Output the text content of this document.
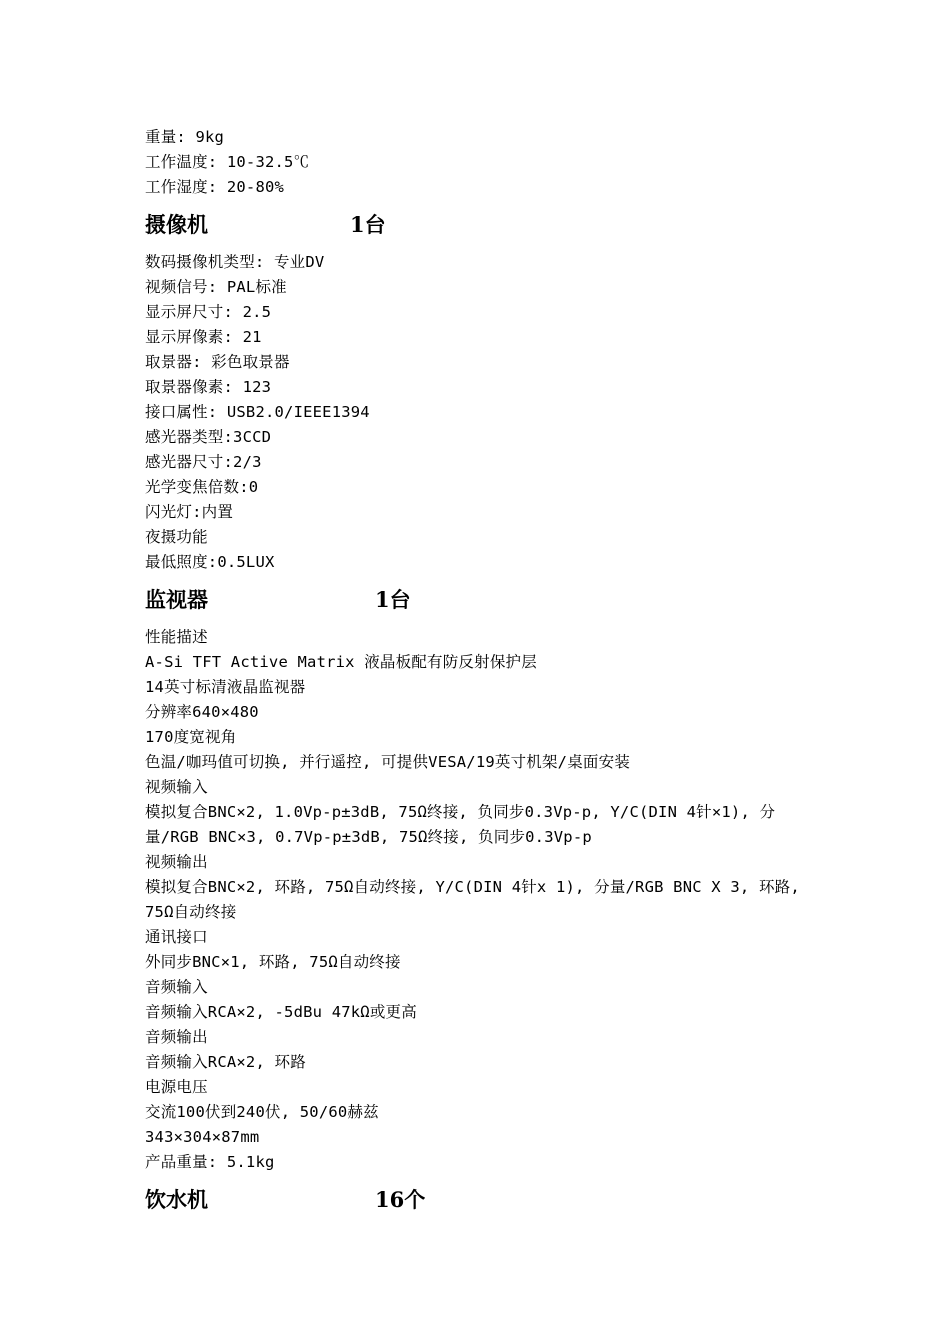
重量: 9kg
工作温度: 10-32.5℃
工作湿度: 20-80%
摄像机	1台
数码摄像机类型: 专业DV
视频信号: PAL标准
显示屏尺寸: 2.5
显示屏像素: 21
取景器: 彩色取景器
取景器像素: 123
接口属性: USB2.0/IEEE1394
感光器类型:3CCD
感光器尺寸:2/3
光学变焦倍数:0
闪光灯:内置
夜摄功能
最低照度:0.5LUX
监视器	1台
性能描述
A-Si TFT Active Matrix 液晶板配有防反射保护层
14英寸标清液晶监视器
分辨率640×480
170度宽视角
色温/咖玛值可切换, 并行遥控, 可提供VESA/19英寸机架/桌面安装
视频输入
模拟复合BNC×2, 1.0Vp-p±3dB, 75Ω终接, 负同步0.3Vp-p, Y/C(DIN 4针×1), 分量/RGB BNC×3, 0.7Vp-p±3dB, 75Ω终接, 负同步0.3Vp-p
视频输出
模拟复合BNC×2, 环路, 75Ω自动终接, Y/C(DIN 4针x 1), 分量/RGB BNC X 3, 环路, 75Ω自动终接
通讯接口
外同步BNC×1, 环路, 75Ω自动终接
音频输入
音频输入RCA×2, -5dBu 47kΩ或更高
音频输出
音频输入RCA×2, 环路
电源电压
交流100伏到240伏, 50/60赫兹
343×304×87mm
产品重量: 5.1kg
饮水机	16个
